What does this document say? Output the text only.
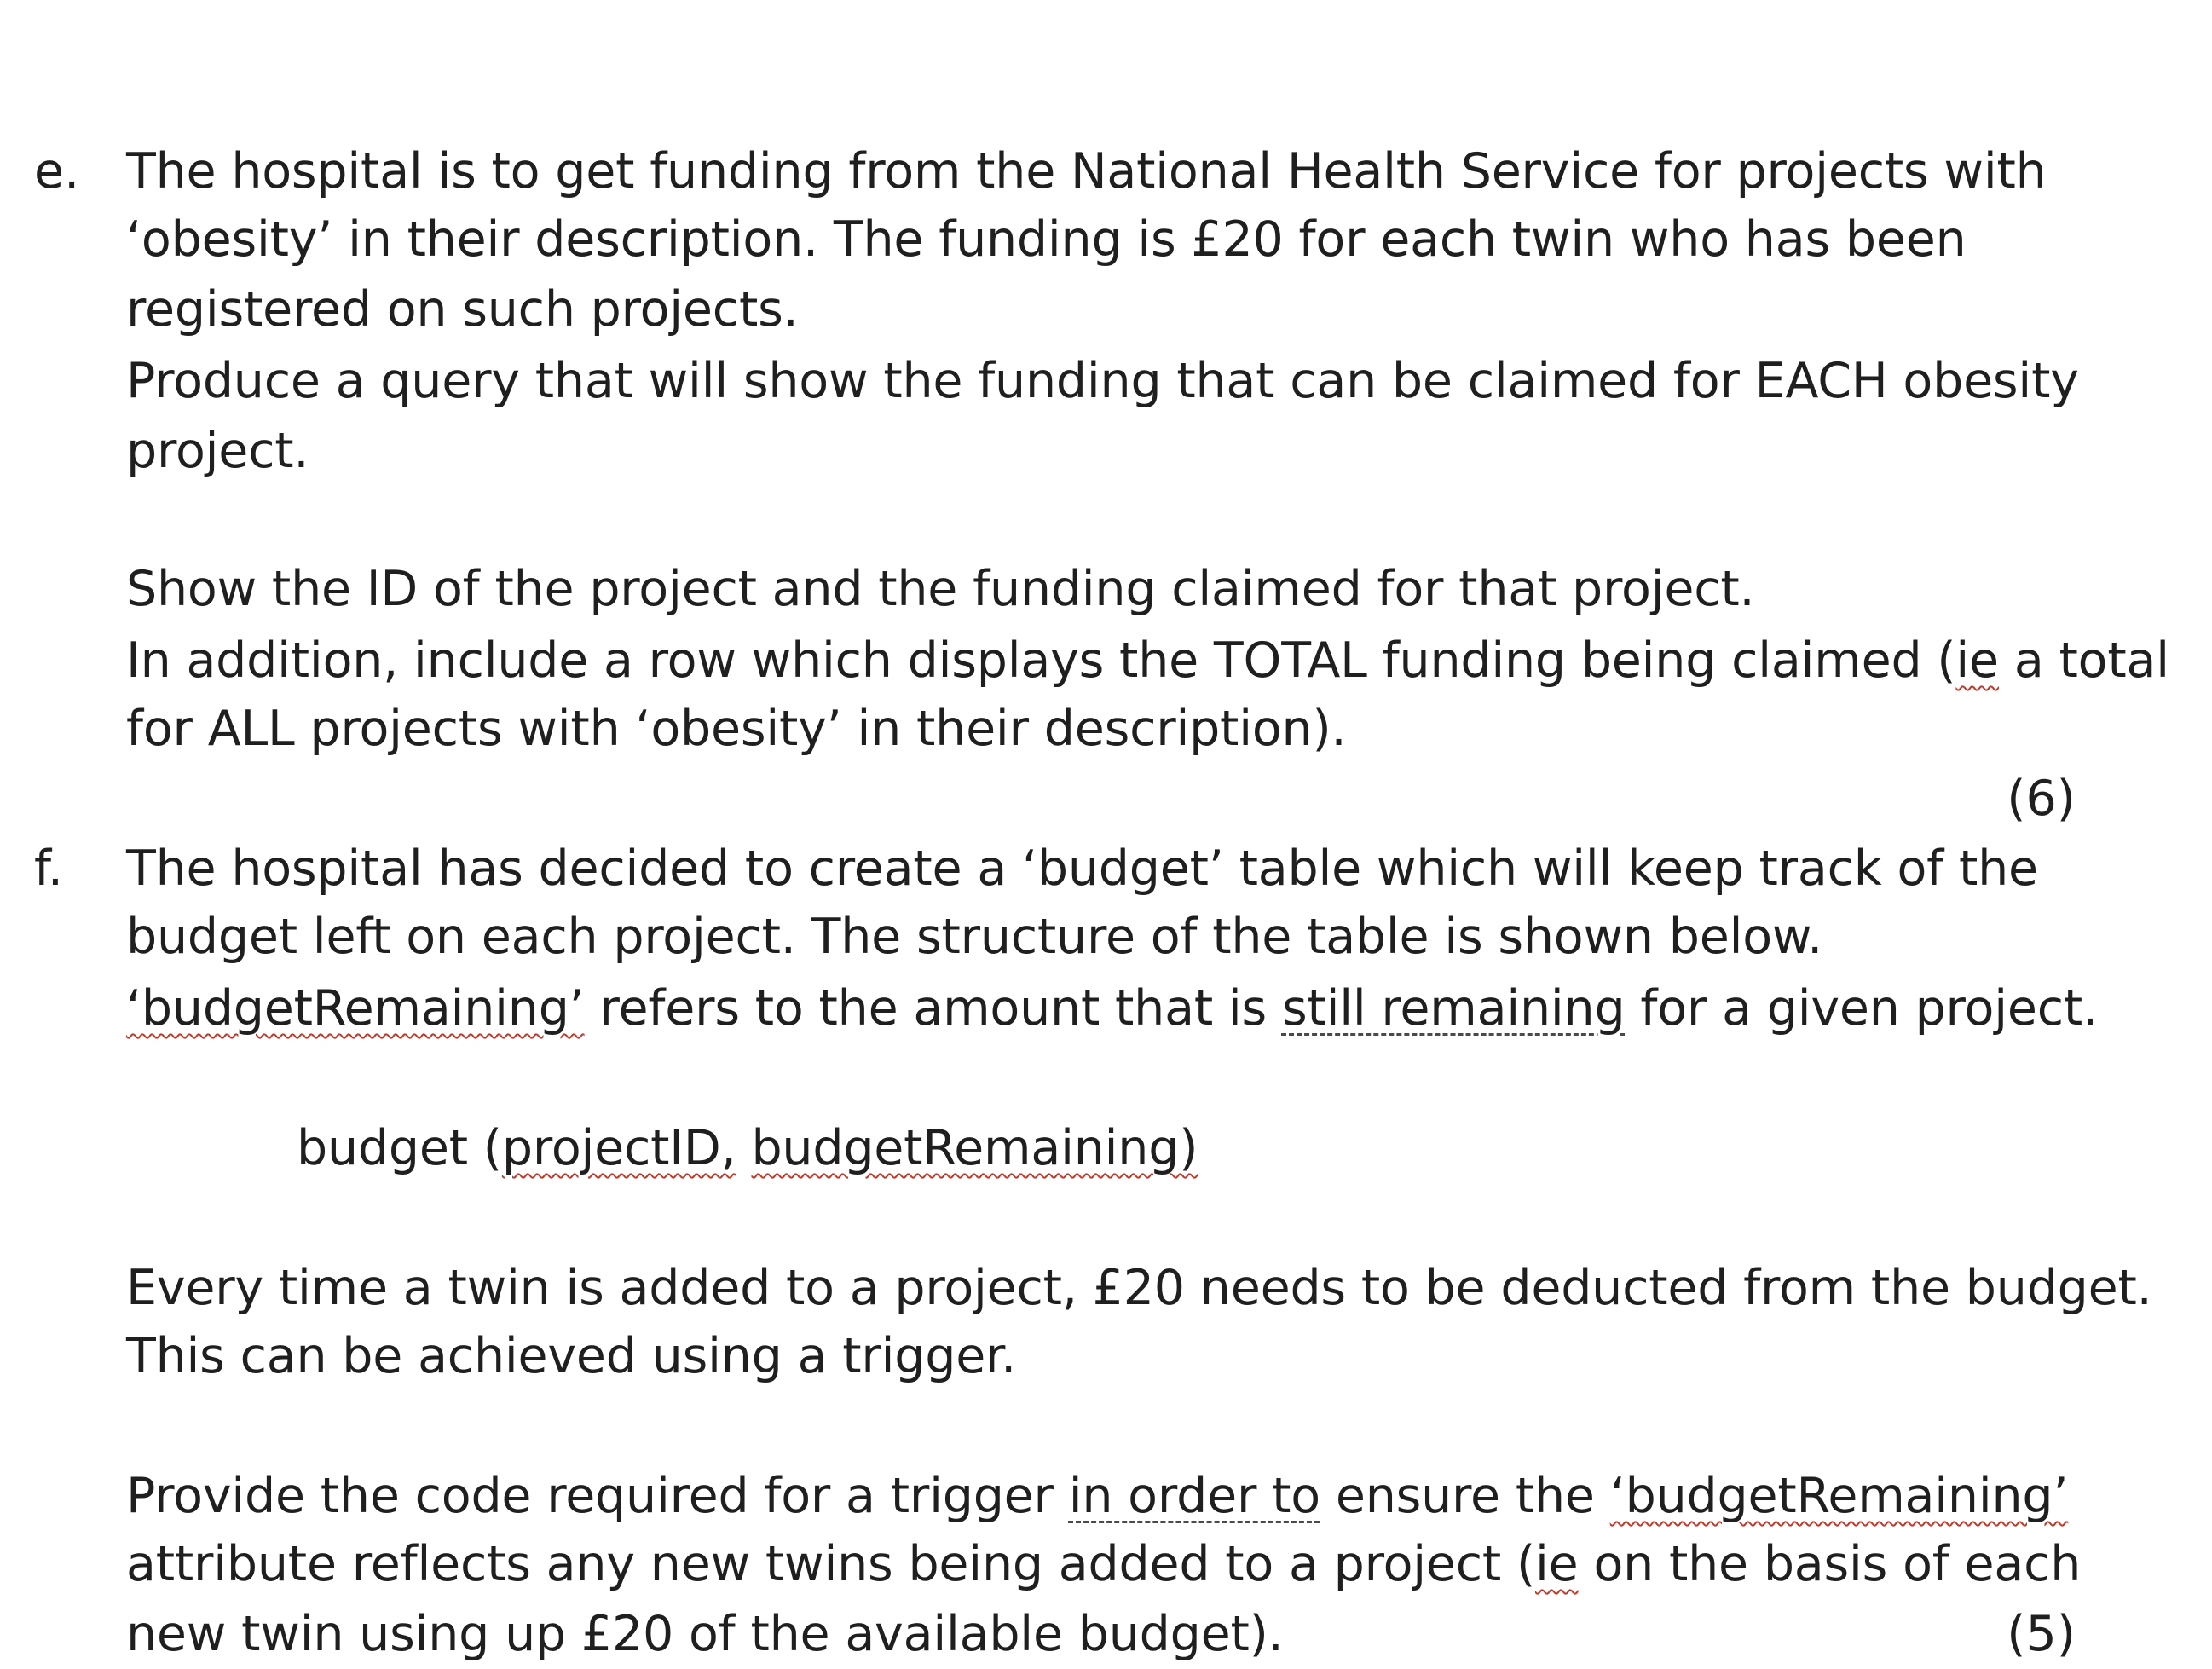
e. The hospital is to get funding from the National Health Service for projects with
‘obesity’ in their description. The funding is £20 for each twin who has been
registered on such projects.
Produce a query that will show the funding that can be claimed for EACH obesity
project.
Show the ID of the project and the funding claimed for that project.
In addition, include a row which displays the TOTAL funding being claimed (ie a total
for ALL projects with ‘obesity’ in their description).
(6)
f. The hospital has decided to create a ‘budget’ table which will keep track of the
budget left on each project. The structure of the table is shown below.
‘budgetRemaining’ refers to the amount that is still remaining for a given project.
budget (projectID, budgetRemaining)
Every time a twin is added to a project, £20 needs to be deducted from the budget.
This can be achieved using a trigger.
Provide the code required for a trigger in order to ensure the ‘budgetRemaining’
attribute reflects any new twins being added to a project (ie on the basis of each
new twin using up £20 of the available budget).	(5)
